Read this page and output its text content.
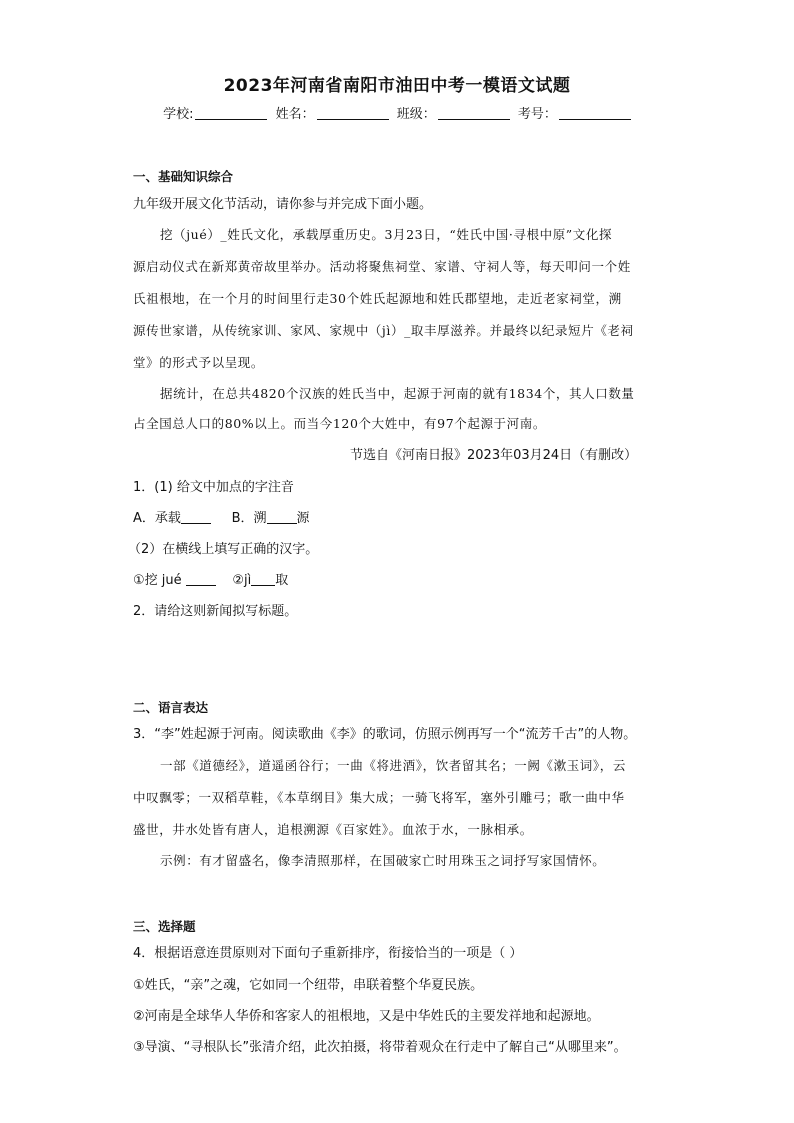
2023年河南省南阳市油田中考一模语文试题
学校:	姓名：	班级：	考号：
一、基础知识综合
九年级开展文化节活动，请你参与并完成下面小题。
挖（jué）_姓氏文化，承载厚重历史。3月23日，“姓氏中国·寻根中原”文化探
源启动仪式在新郑黄帝故里举办。活动将聚焦祠堂、家谱、守祠人等，每天叩问一个姓
氏祖根地，在一个月的时间里行走30个姓氏起源地和姓氏郡望地，走近老家祠堂，溯
源传世家谱，从传统家训、家风、家规中（jì）_取丰厚滋养。并最终以纪录短片《老祠
堂》的形式予以呈现。
据统计，在总共4820个汉族的姓氏当中，起源于河南的就有1834个，其人口数量
占全国总人口的80%以上。而当今120个大姓中，有97个起源于河南。
节选自《河南日报》2023年03月24日（有删改）
1．(1) 给文中加点的字注音
A．承载	B．溯 源
（2）在横线上填写正确的汉字。
①挖 jué	②jì 取
2．请给这则新闻拟写标题。
二、语言表达
3．“李”姓起源于河南。阅读歌曲《李》的歌词，仿照示例再写一个“流芳千古”的人物。
一部《道德经》，道遥函谷行；一曲《将进酒》，饮者留其名；一阙《漱玉词》，云
中叹飘零；一双稻草鞋，《本草纲目》集大成；一骑飞将军，塞外引雕弓；歌一曲中华
盛世，井水处皆有唐人，追根溯源《百家姓》。血浓于水，一脉相承。
示例：有才留盛名，像李清照那样，在国破家亡时用珠玉之词抒写家国情怀。
三、选择题
4．根据语意连贯原则对下面句子重新排序，衔接恰当的一项是（ ）
①姓氏，“亲”之魂，它如同一个纽带，串联着整个华夏民族。
②河南是全球华人华侨和客家人的祖根地，又是中华姓氏的主要发祥地和起源地。
③导演、“寻根队长”张清介绍，此次拍摄，将带着观众在行走中了解自己“从哪里来”。
